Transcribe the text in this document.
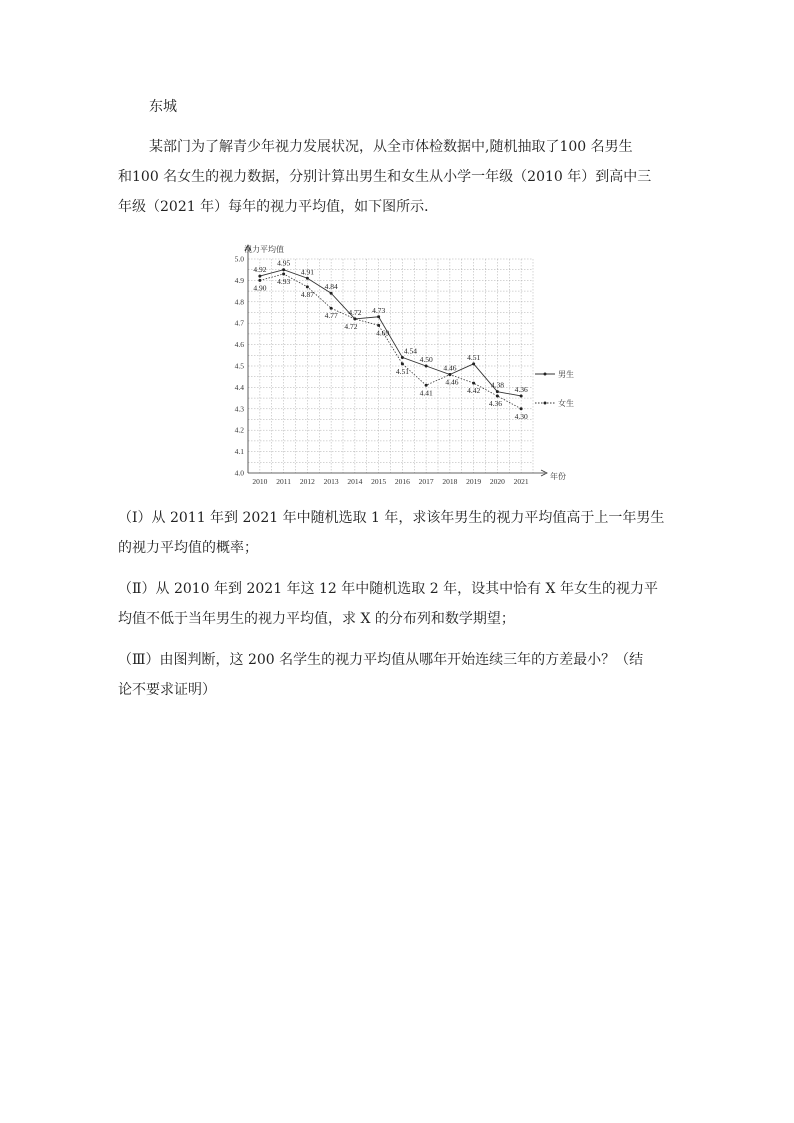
东城
某部门为了解青少年视力发展状况，从全市体检数据中,随机抽取了100 名男生
和100 名女生的视力数据，分别计算出男生和女生从小学一年级（2010 年）到高中三
年级（2021 年）每年的视力平均值，如下图所示．
视力平均值
年份
4.0
4.1
4.2
4.3
4.4
4.5
4.6
4.7
4.8
4.9
5.0
2010 2011 2012 2013 2014 2015 2016 2017 2018 2019 2020 2021
4.92
4.95
4.91
4.84
4.72 4.73
4.54
4.50
4.46
4.51
4.38 4.36
4.90
4.93
4.87
4.77
4.72
4.69
4.51
4.41
4.46
4.42
4.36
4.30
男生
女生
（I）从 2011 年到 2021 年中随机选取 1 年，求该年男生的视力平均值高于上一年男生
的视力平均值的概率；
（Ⅱ）从 2010 年到 2021 年这 12 年中随机选取 2 年，设其中恰有 X 年女生的视力平
均值不低于当年男生的视力平均值，求 X 的分布列和数学期望；
（Ⅲ）由图判断，这 200 名学生的视力平均值从哪年开始连续三年的方差最小？（结
论不要求证明）
